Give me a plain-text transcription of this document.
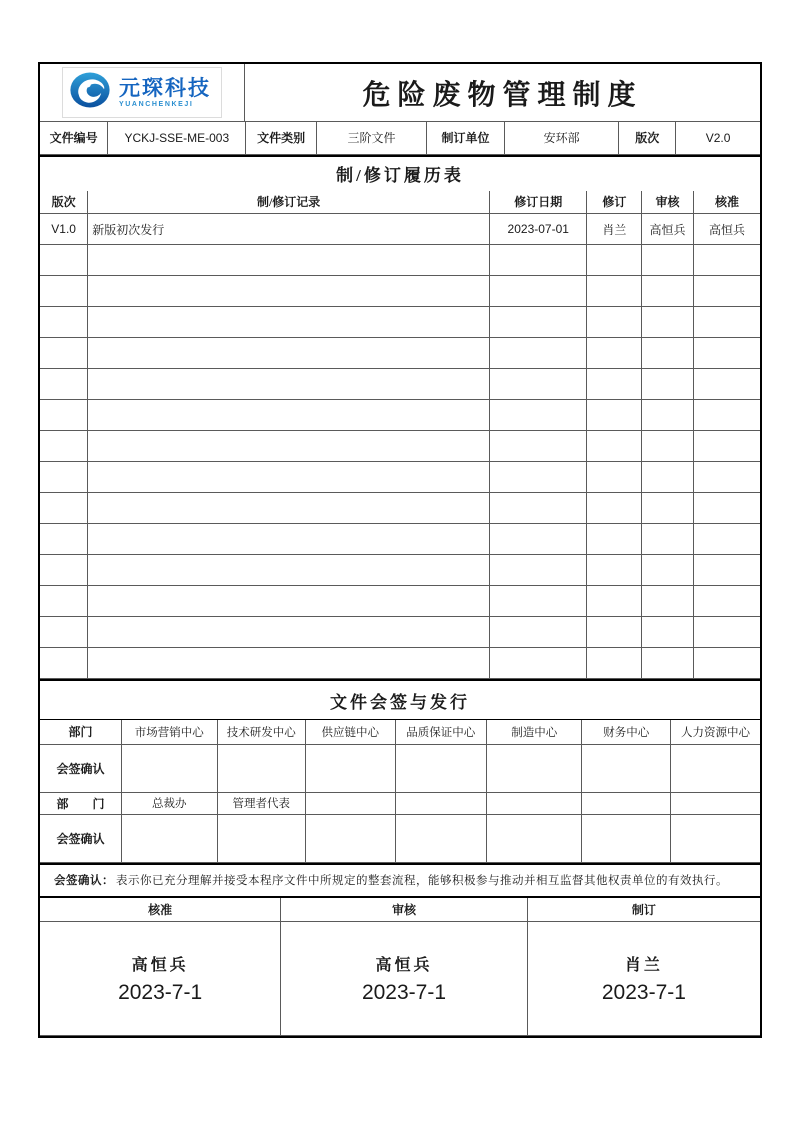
元琛科技
YUANCHENKEJI	危险废物管理制度
文件编号	YCKJ-SSE-ME-003	文件类别	三阶文件	制订单位	安环部	版次	V2.0
制/修订履历表
版次	制/修订记录	修订日期	修订	审核	核准
V1.0	新版初次发行	2023-07-01	肖兰	高恒兵	高恒兵

文件会签与发行
部门	市场营销中心	技术研发中心	供应链中心	品质保证中心	制造中心	财务中心	人力资源中心
会签确认							
部　　门	总裁办	管理者代表					
会签确认							
会签确认： 表示你已充分理解并接受本程序文件中所规定的整套流程，能够积极参与推动并相互监督其他权责单位的有效执行。
核准	审核	制订

高恒兵
2023-7-1

高恒兵
2023-7-1

肖兰
2023-7-1
